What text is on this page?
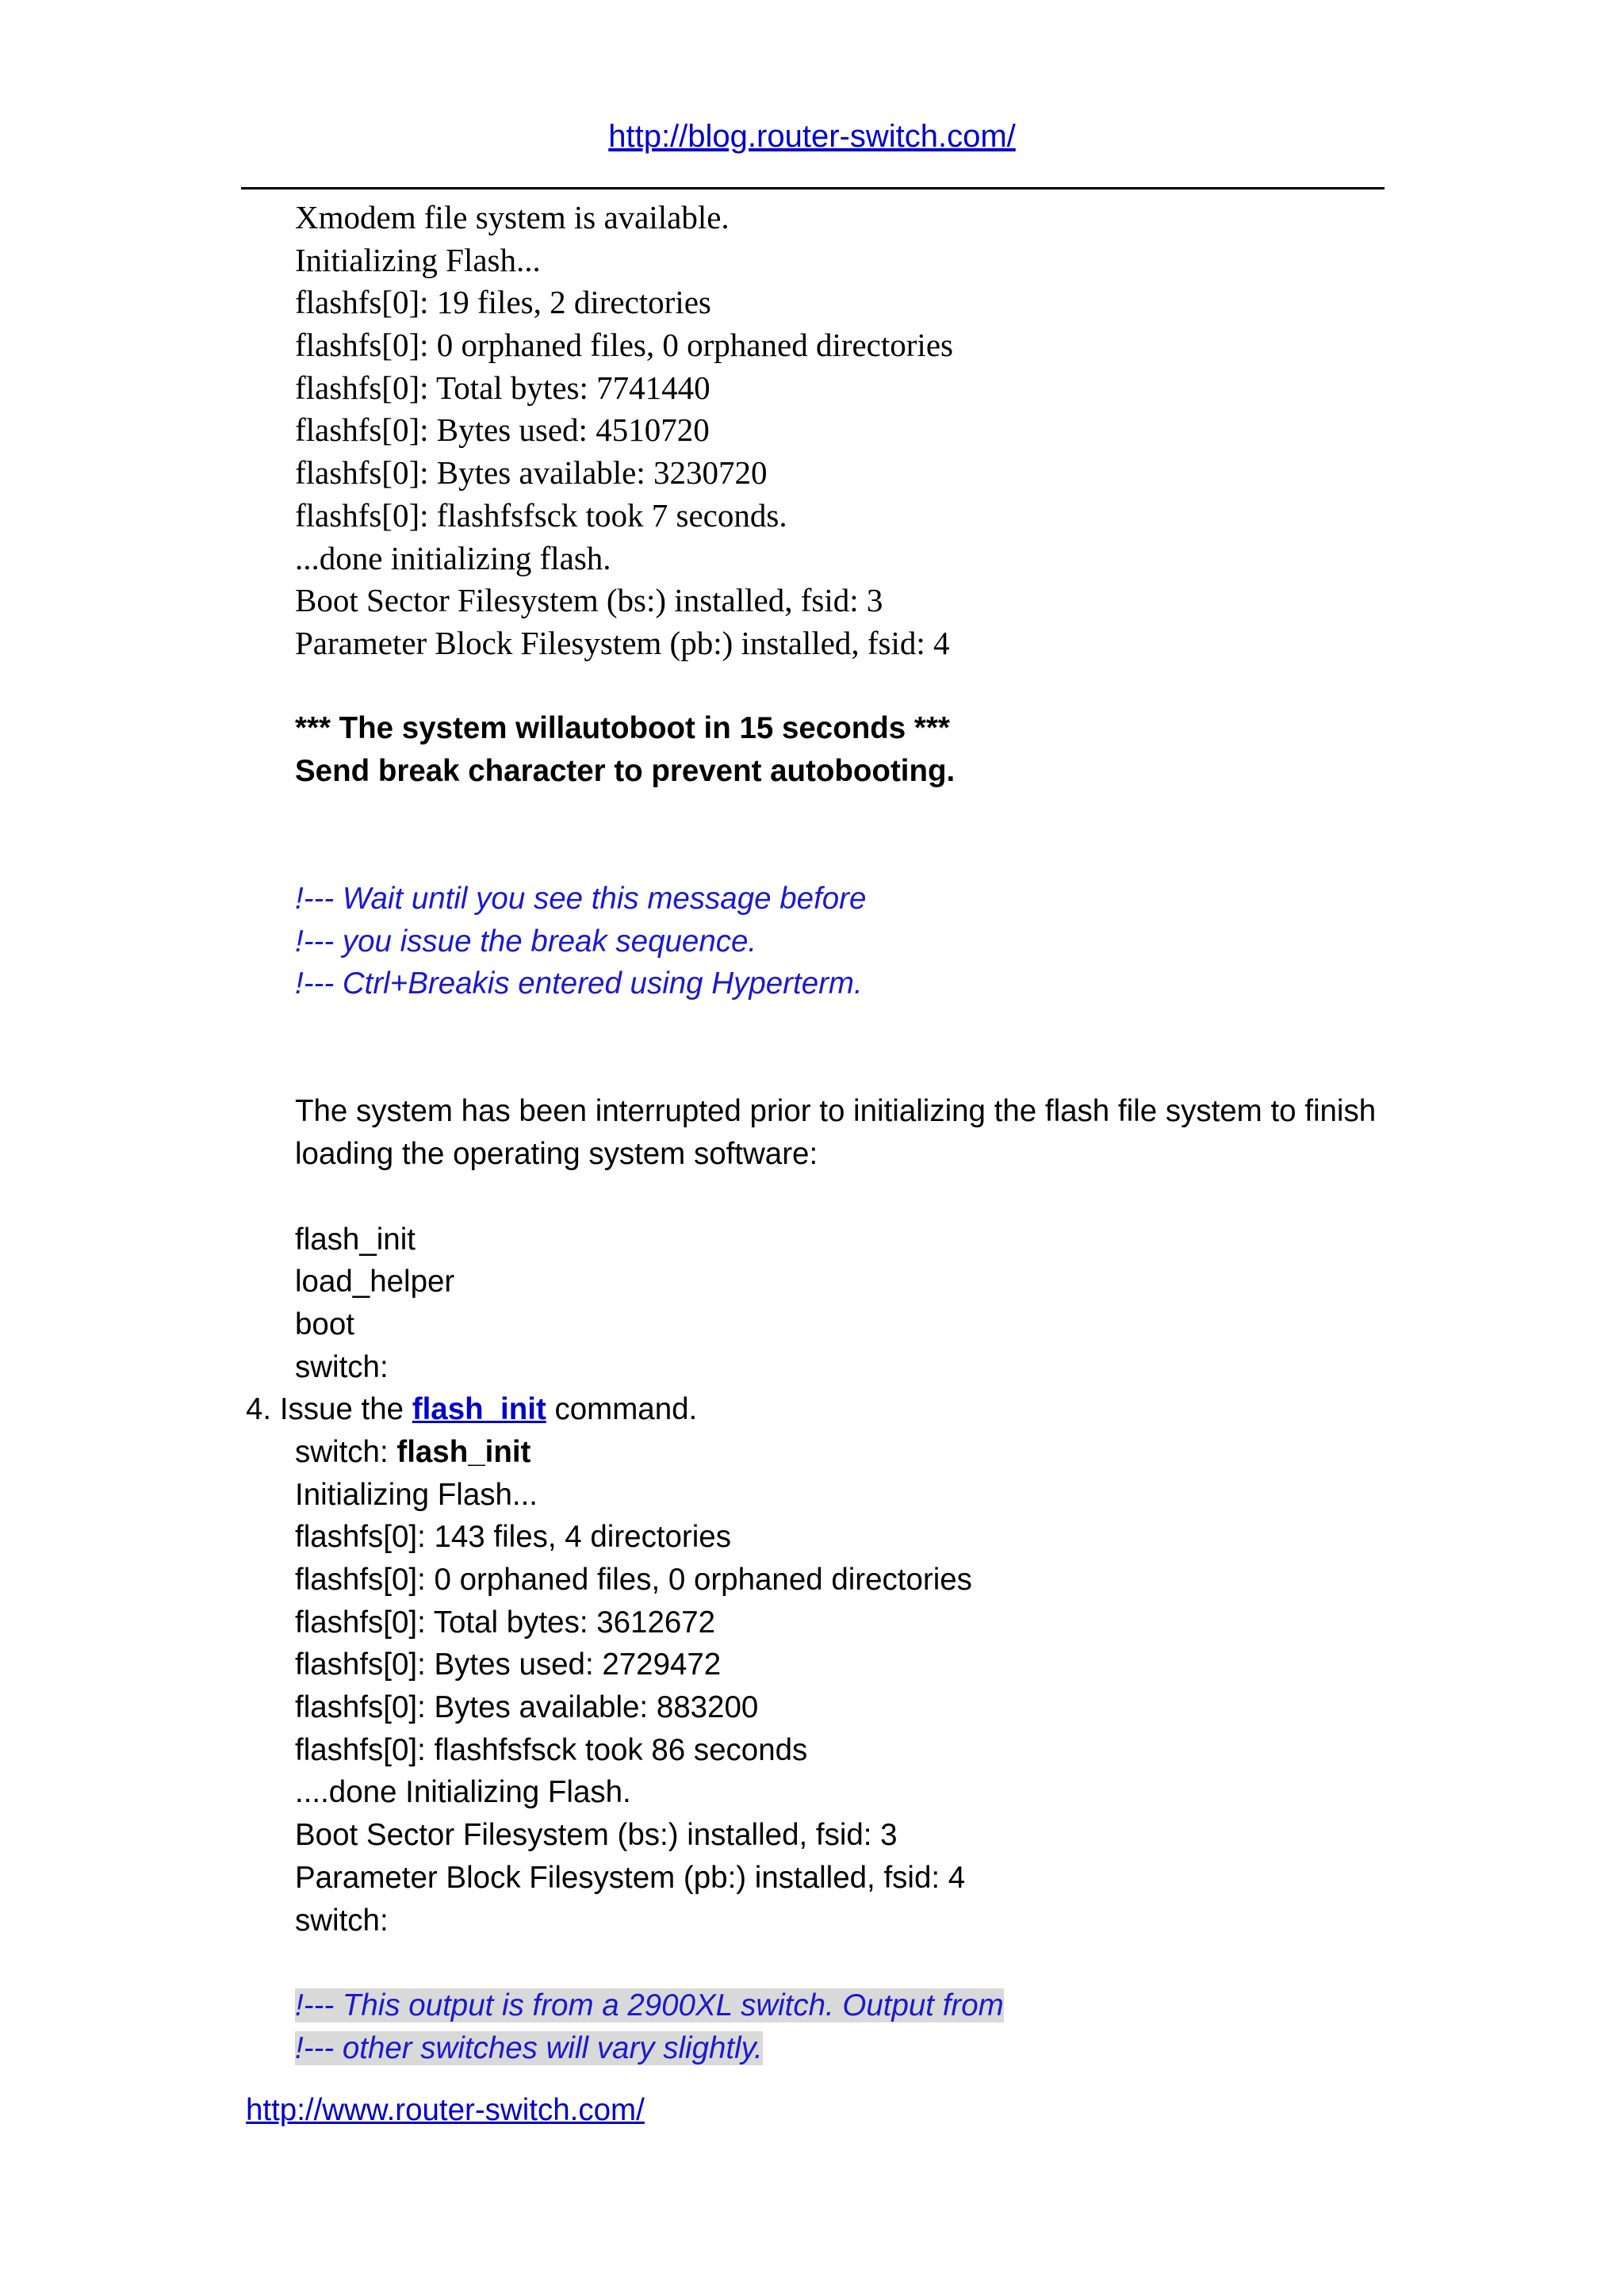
http://blog.router-switch.com/
Xmodem file system is available.
Initializing Flash...
flashfs[0]: 19 files, 2 directories
flashfs[0]: 0 orphaned files, 0 orphaned directories
flashfs[0]: Total bytes: 7741440
flashfs[0]: Bytes used: 4510720
flashfs[0]: Bytes available: 3230720
flashfs[0]: flashfsfsck took 7 seconds.
...done initializing flash.
Boot Sector Filesystem (bs:) installed, fsid: 3
Parameter Block Filesystem (pb:) installed, fsid: 4
*** The system willautoboot in 15 seconds ***
Send break character to prevent autobooting.
!--- Wait until you see this message before
!--- you issue the break sequence.
!--- Ctrl+Breakis entered using Hyperterm.
The system has been interrupted prior to initializing the flash file system to finish
loading the operating system software:
flash_init
load_helper
boot
switch:
4. Issue the flash_init command.
switch: flash_init
Initializing Flash...
flashfs[0]: 143 files, 4 directories
flashfs[0]: 0 orphaned files, 0 orphaned directories
flashfs[0]: Total bytes: 3612672
flashfs[0]: Bytes used: 2729472
flashfs[0]: Bytes available: 883200
flashfs[0]: flashfsfsck took 86 seconds
....done Initializing Flash.
Boot Sector Filesystem (bs:) installed, fsid: 3
Parameter Block Filesystem (pb:) installed, fsid: 4
switch:
!--- This output is from a 2900XL switch. Output from
!--- other switches will vary slightly.
http://www.router-switch.com/
